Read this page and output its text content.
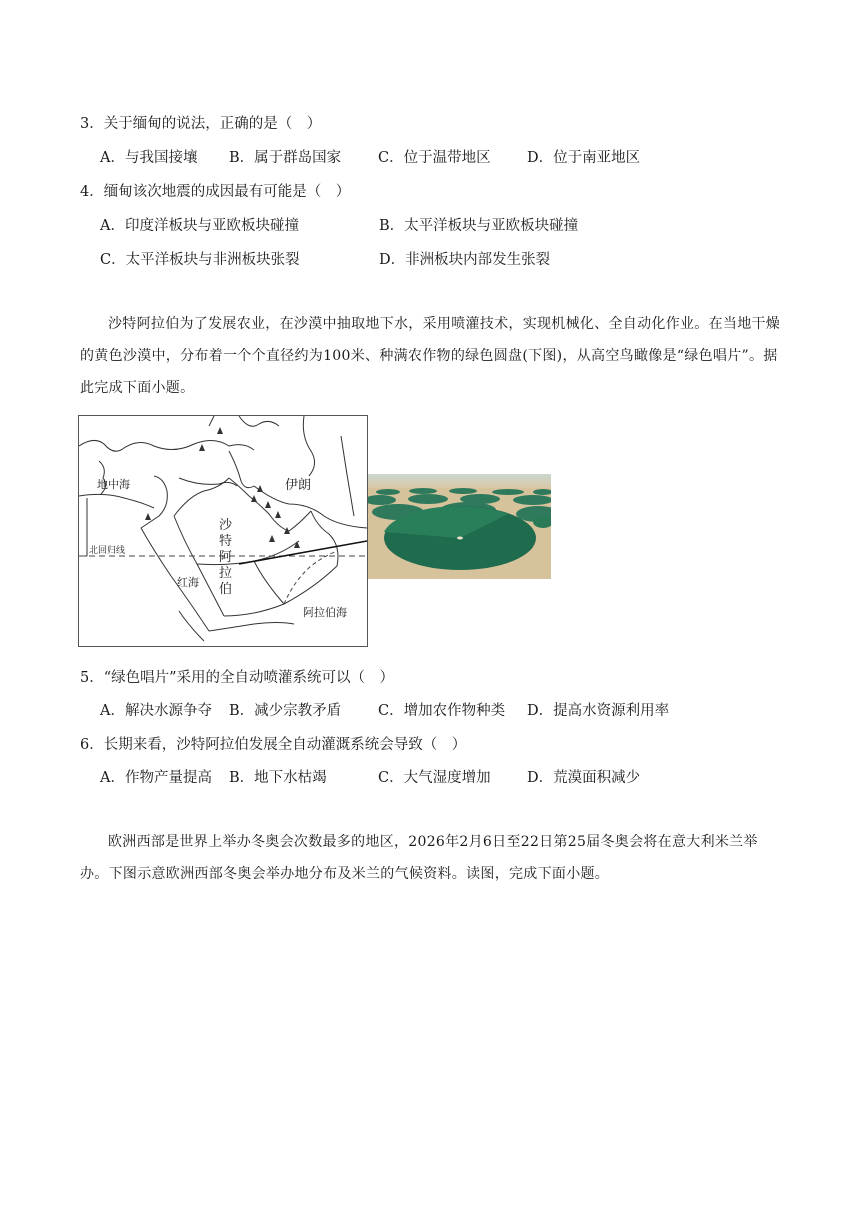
3．关于缅甸的说法，正确的是（　）
A．与我国接壤 B．属于群岛国家	C．位于温带地区	D．位于南亚地区
4．缅甸该次地震的成因最有可能是（　）
A．印度洋板块与亚欧板块碰撞	B．太平洋板块与亚欧板块碰撞
C．太平洋板块与非洲板块张裂	D．非洲板块内部发生张裂
沙特阿拉伯为了发展农业，在沙漠中抽取地下水，采用喷灌技术，实现机械化、全自动化作业。在当地干燥的黄色沙漠中，分布着一个个直径约为100米、种满农作物的绿色圆盘(下图)，从高空鸟瞰像是“绿色唱片”。据此完成下面小题。
地中海	伊朗
北回归线
沙
特
阿
拉
伯
红海
阿拉伯海
5．“绿色唱片”采用的全自动喷灌系统可以（　）
A．解决水源争夺 B．减少宗教矛盾	C．增加农作物种类 D．提高水资源利用率
6．长期来看，沙特阿拉伯发展全自动灌溉系统会导致（　）
A．作物产量提高 B．地下水枯竭	C．大气湿度增加	D．荒漠面积减少
欧洲西部是世界上举办冬奥会次数最多的地区，2026年2月6日至22日第25届冬奥会将在意大利米兰举办。下图示意欧洲西部冬奥会举办地分布及米兰的气候资料。读图，完成下面小题。
